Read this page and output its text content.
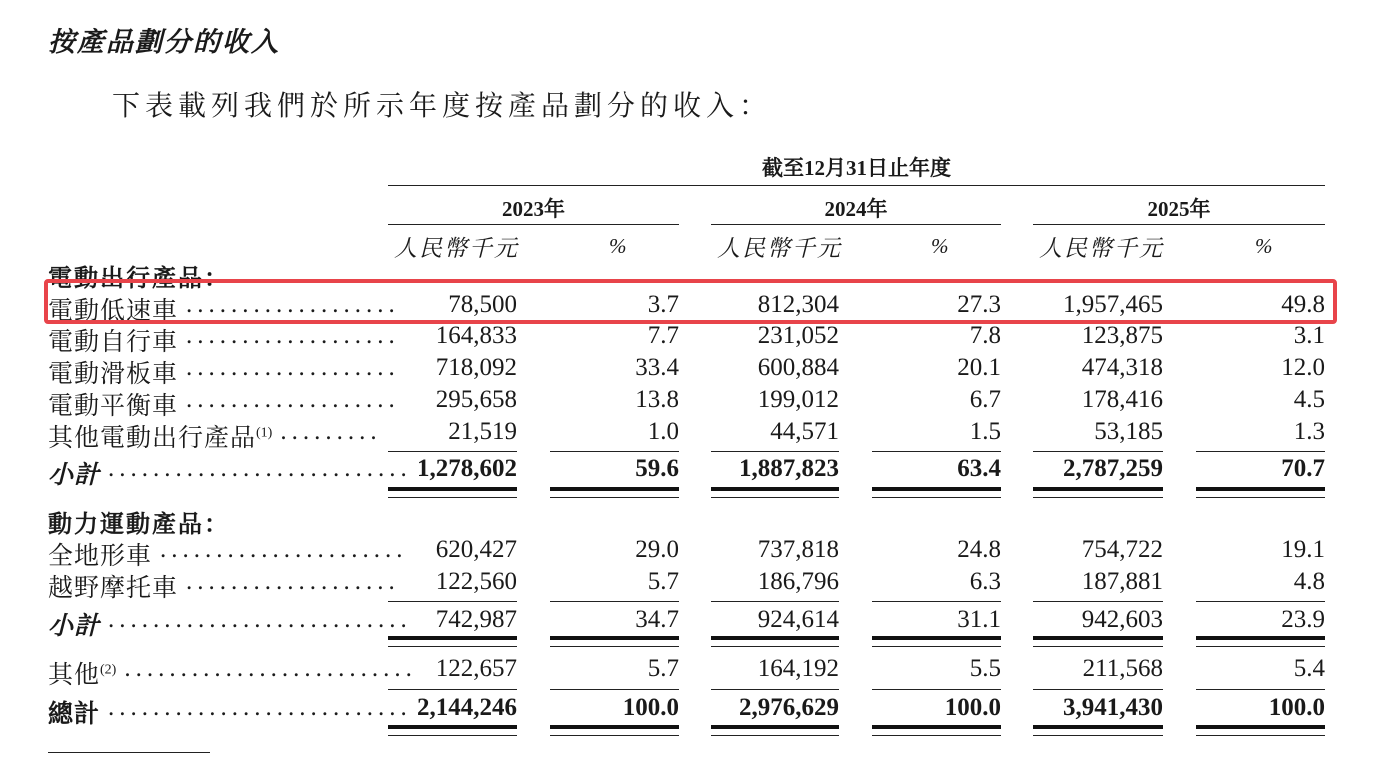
按產品劃分的收入
下表載列我們於所示年度按產品劃分的收入：
截至12月31日止年度
2023年
人民幣千元	%
2024年
人民幣千元	%
2025年
人民幣千元	%
電動出行產品：
電動低速車	78,500	3.7	812,304	27.3	1,957,465	49.8
電動自行車	164,833	7.7	231,052	7.8	123,875	3.1
電動滑板車	718,092	33.4	600,884	20.1	474,318	12.0
電動平衡車	295,658	13.8	199,012	6.7	178,416	4.5
其他電動出行產品$^{(1)}$	21,519	1.0	44,571	1.5	53,185	1.3
小計	1,278,602	59.6	1,887,823	63.4	2,787,259	70.7
動力運動產品：
全地形車	620,427	29.0	737,818	24.8	754,722	19.1
越野摩托車	122,560	5.7	186,796	6.3	187,881	4.8
小計	742,987	34.7	924,614	31.1	942,603	23.9
其他$^{(2)}$	122,657	5.7	164,192	5.5	211,568	5.4
總計	2,144,246	100.0	2,976,629	100.0	3,941,430	100.0
...................
...................
...................
...................
.........
...........................
......................
...................
...........................
..........................
...........................
